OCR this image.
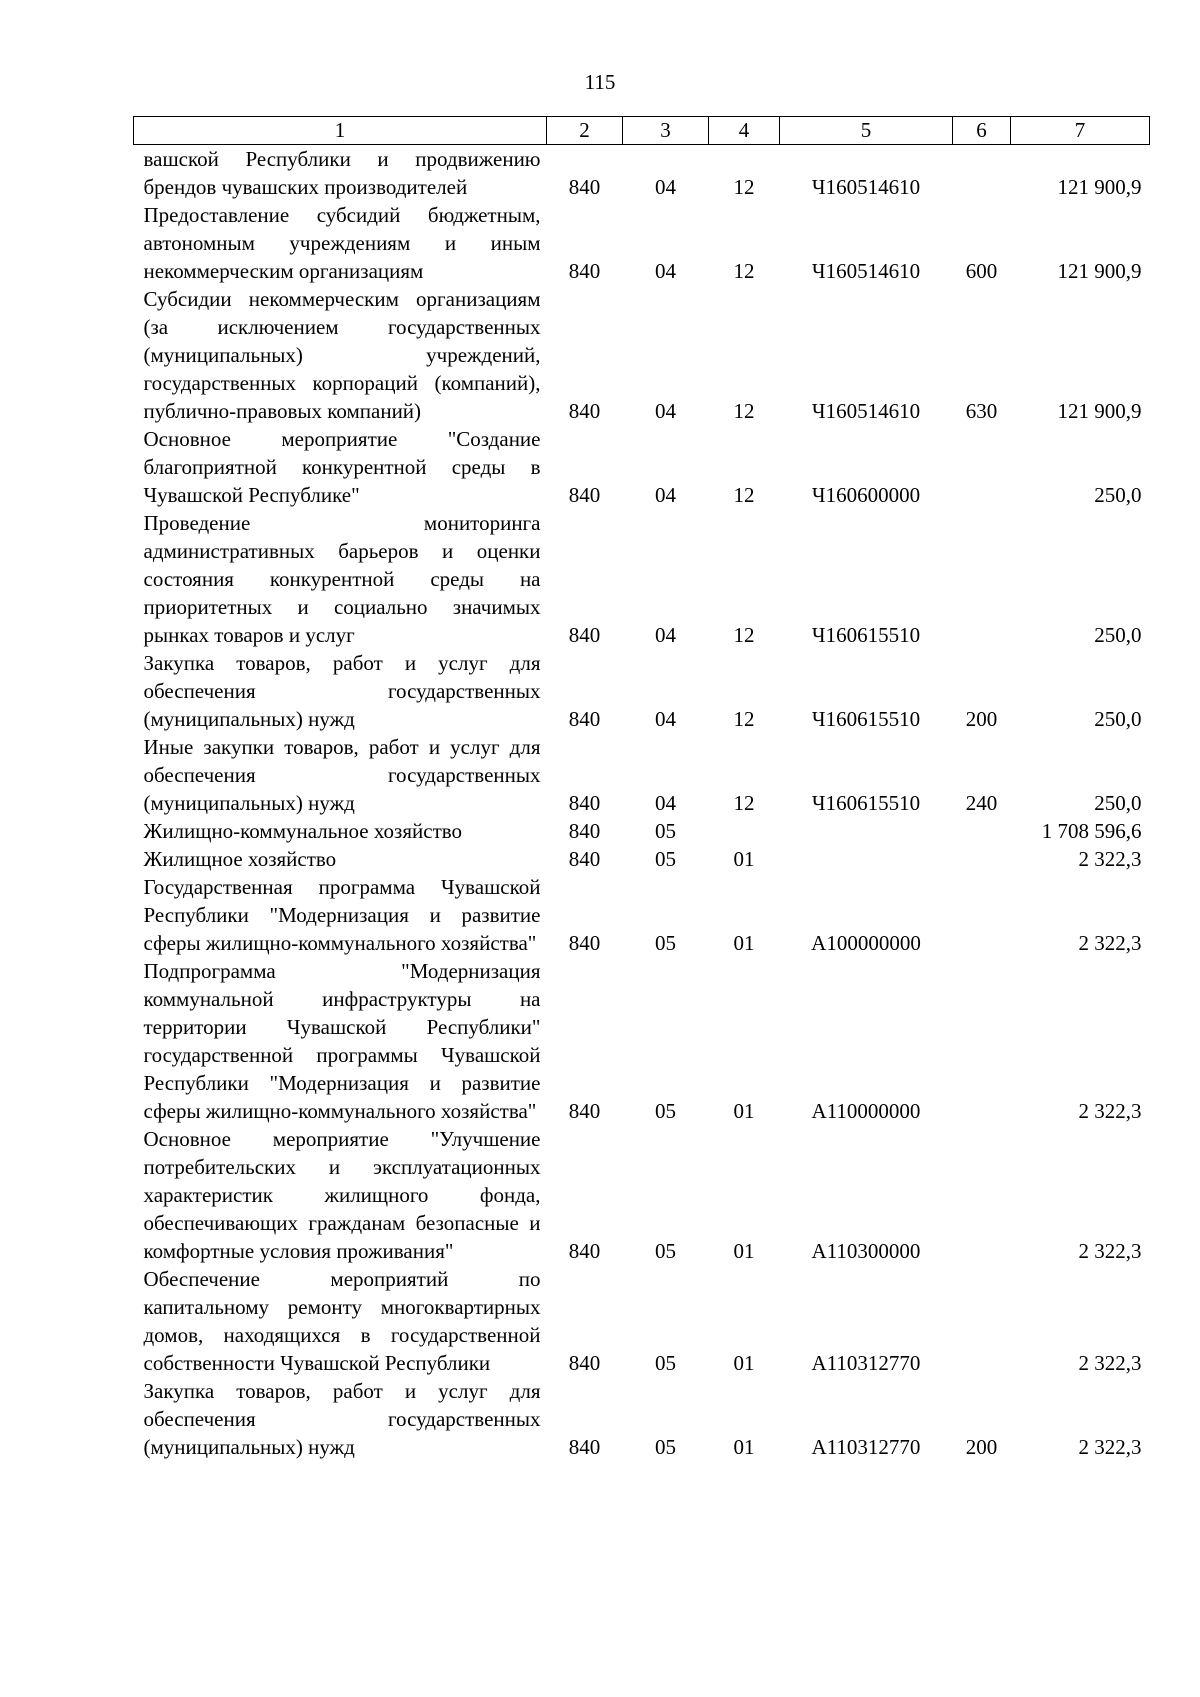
115
1	2	3	4	5	6	7
вашской Республики и продвижению брендов чувашских производителей	840	04	12	Ч160514610		121 900,9
Предоставление субсидий бюджетным, автономным учреждениям и иным некоммерческим организациям	840	04	12	Ч160514610	600	121 900,9
Субсидии некоммерческим организациям (за исключением государственных (муниципальных) учреждений, государственных корпораций (компаний), публично-правовых компаний)	840	04	12	Ч160514610	630	121 900,9
Основное мероприятие "Создание благоприятной конкурентной среды в Чувашской Республике"	840	04	12	Ч160600000		250,0
Проведение мониторинга административных барьеров и оценки состояния конкурентной среды на приоритетных и социально значимых рынках товаров и услуг	840	04	12	Ч160615510		250,0
Закупка товаров, работ и услуг для обеспечения государственных (муниципальных) нужд	840	04	12	Ч160615510	200	250,0
Иные закупки товаров, работ и услуг для обеспечения государственных (муниципальных) нужд	840	04	12	Ч160615510	240	250,0
Жилищно-коммунальное хозяйство	840	05				1 708 596,6
Жилищное хозяйство	840	05	01			2 322,3
Государственная программа Чувашской Республики "Модернизация и развитие сферы жилищно-коммунального хозяйства"	840	05	01	А100000000		2 322,3
Подпрограмма "Модернизация коммунальной инфраструктуры на территории Чувашской Республики" государственной программы Чувашской Республики "Модернизация и развитие сферы жилищно-коммунального хозяйства"	840	05	01	А110000000		2 322,3
Основное мероприятие "Улучшение потребительских и эксплуатационных характеристик жилищного фонда, обеспечивающих гражданам безопасные и комфортные условия проживания"	840	05	01	А110300000		2 322,3
Обеспечение мероприятий по капитальному ремонту многоквартирных домов, находящихся в государственной собственности Чувашской Республики	840	05	01	А110312770		2 322,3
Закупка товаров, работ и услуг для обеспечения государственных (муниципальных) нужд	840	05	01	А110312770	200	2 322,3
